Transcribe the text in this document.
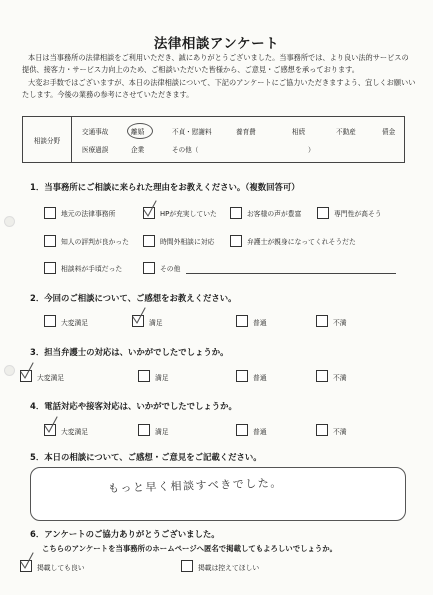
法律相談アンケート

本日は当事務所の法律相談をご利用いただき、誠にありがとうございました。当事務所では、より良い法的サービスの

提供、接客力・サービス力向上のため、ご相談いただいた皆様から、ご意見・ご感想を承っております。

大変お手数ではございますが、本日の法律相談について、下記のアンケートにご協力いただきますよう、宜しくお願いい

たします。今後の業務の参考にさせていただきます。

相談分野
交通事故	離婚	不貞・慰謝料	養育費	相続	不動産	債金
医療過誤	企業	その他（	）
1．当事務所にご相談に来られた理由をお教えください。（複数回答可）
地元の法律事務所	HPが充実していた	お客様の声が豊富	専門性が高そう
知人の評判が良かった	時間外相談に対応	弁護士が親身になってくれそうだた
相談料が手頃だった	その他
2．今回のご相談について、ご感想をお教えください。
大変満足	満足	普通	不満
3．担当弁護士の対応は、いかがでしたでしょうか。
大変満足	満足	普通	不満
4．電話対応や接客対応は、いかがでしたでしょうか。
大変満足	満足	普通	不満
5．本日の相談について、ご感想・ご意見をご記載ください。
もっと早く相談すべきでした。
6．アンケートのご協力ありがとうございました。
こちらのアンケートを当事務所のホームページへ匿名で掲載してもよろしいでしょうか。
掲載しても良い	掲載は控えてほしい
